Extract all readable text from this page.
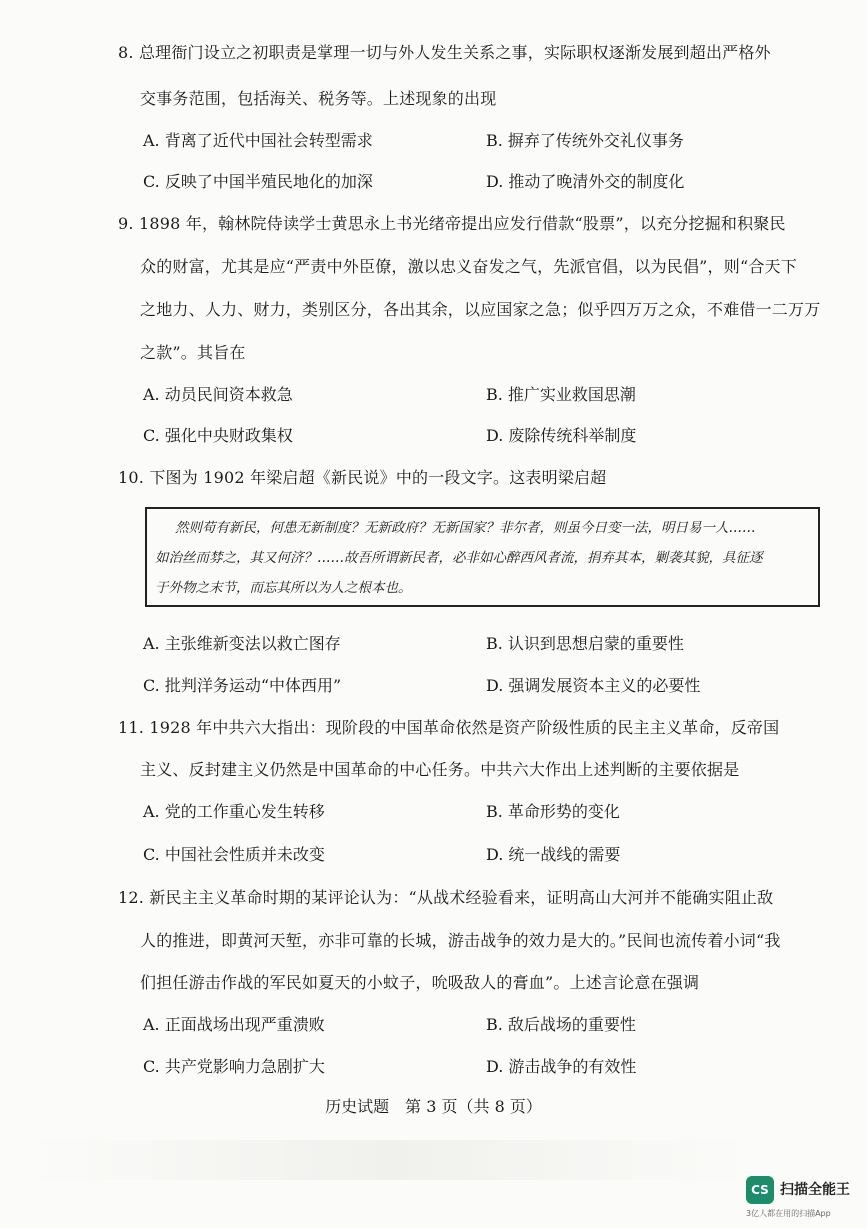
8. 总理衙门设立之初职责是掌理一切与外人发生关系之事，实际职权逐渐发展到超出严格外
交事务范围，包括海关、税务等。上述现象的出现
A. 背离了近代中国社会转型需求	B. 摒弃了传统外交礼仪事务
C. 反映了中国半殖民地化的加深	D. 推动了晚清外交的制度化
9. 1898 年，翰林院侍读学士黄思永上书光绪帝提出应发行借款“股票”，以充分挖掘和积聚民
众的财富，尤其是应“严责中外臣僚，激以忠义奋发之气，先派官倡，以为民倡”，则“合天下
之地力、人力、财力，类别区分，各出其余，以应国家之急；似乎四万万之众，不难借一二万万
之款”。其旨在
A. 动员民间资本救急	B. 推广实业救国思潮
C. 强化中央财政集权	D. 废除传统科举制度
10. 下图为 1902 年梁启超《新民说》中的一段文字。这表明梁启超
然则苟有新民，何患无新制度？无新政府？无新国家？非尔者，则虽今日变一法，明日易一人……
如治丝而棼之，其又何济？……故吾所谓新民者，必非如心醉西风者流，捐弃其本，剿袭其貌，具征逐
于外物之末节，而忘其所以为人之根本也。
A. 主张维新变法以救亡图存	B. 认识到思想启蒙的重要性
C. 批判洋务运动“中体西用”	D. 强调发展资本主义的必要性
11. 1928 年中共六大指出：现阶段的中国革命依然是资产阶级性质的民主主义革命，反帝国
主义、反封建主义仍然是中国革命的中心任务。中共六大作出上述判断的主要依据是
A. 党的工作重心发生转移	B. 革命形势的变化
C. 中国社会性质并未改变	D. 统一战线的需要
12. 新民主主义革命时期的某评论认为：“从战术经验看来，证明高山大河并不能确实阻止敌
人的推进，即黄河天堑，亦非可靠的长城，游击战争的效力是大的。”民间也流传着小词“我
们担任游击作战的军民如夏天的小蚊子，吮吸敌人的膏血”。上述言论意在强调
A. 正面战场出现严重溃败	B. 敌后战场的重要性
C. 共产党影响力急剧扩大	D. 游击战争的有效性
历史试题　第 3 页（共 8 页）
CS 扫描全能王
3亿人都在用的扫描App
